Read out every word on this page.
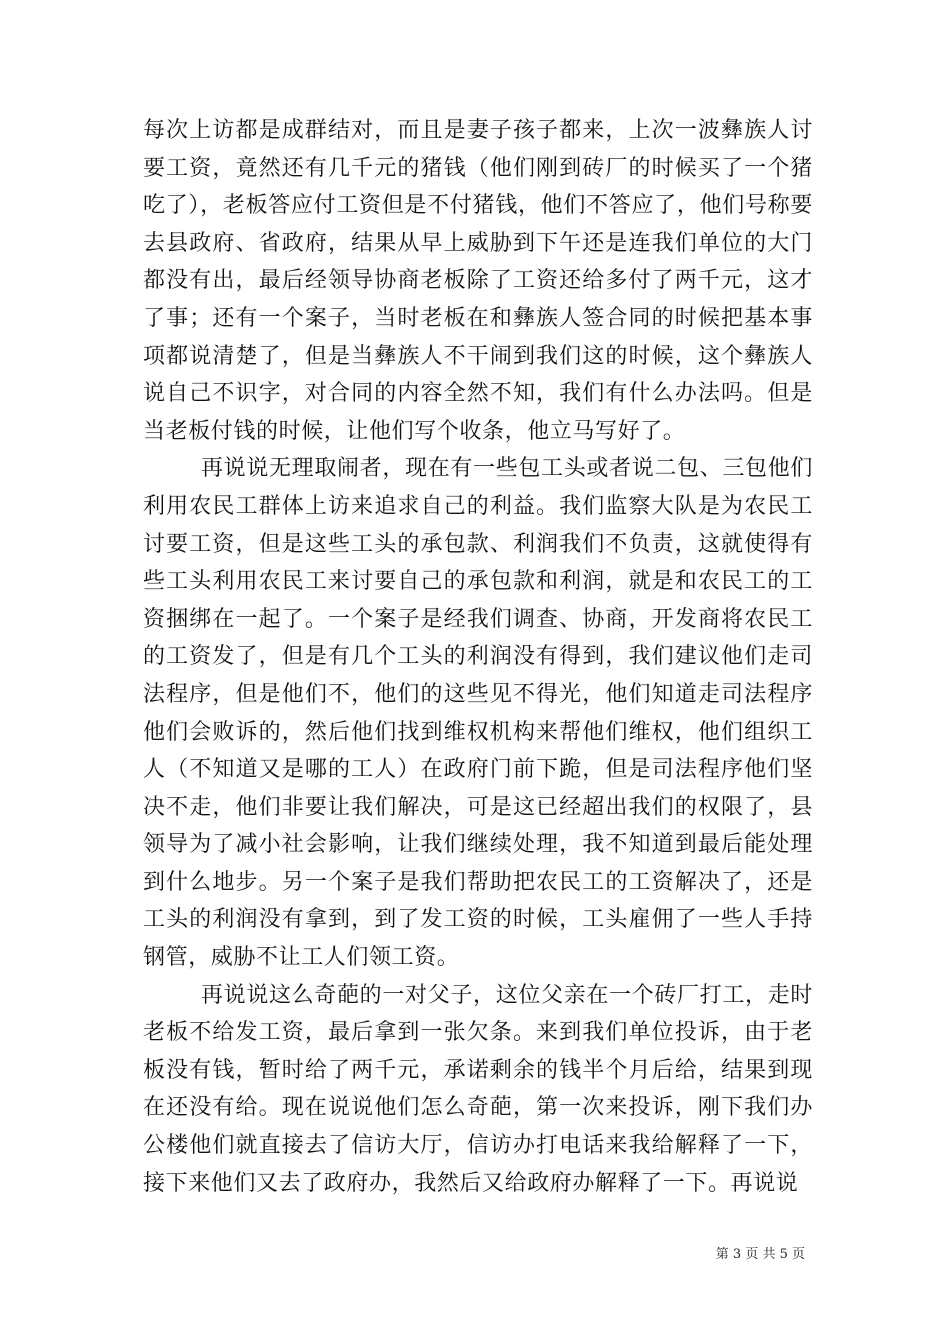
每次上访都是成群结对，而且是妻子孩子都来，上次一波彝族人讨要工资，竟然还有几千元的猪钱（他们刚到砖厂的时候买了一个猪吃了），老板答应付工资但是不付猪钱，他们不答应了，他们号称要去县政府、省政府，结果从早上威胁到下午还是连我们单位的大门都没有出，最后经领导协商老板除了工资还给多付了两千元，这才了事；还有一个案子，当时老板在和彝族人签合同的时候把基本事项都说清楚了，但是当彝族人不干闹到我们这的时候，这个彝族人说自己不识字，对合同的内容全然不知，我们有什么办法吗。但是当老板付钱的时候，让他们写个收条，他立马写好了。

再说说无理取闹者，现在有一些包工头或者说二包、三包他们利用农民工群体上访来追求自己的利益。我们监察大队是为农民工讨要工资，但是这些工头的承包款、利润我们不负责，这就使得有些工头利用农民工来讨要自己的承包款和利润，就是和农民工的工资捆绑在一起了。一个案子是经我们调查、协商，开发商将农民工的工资发了，但是有几个工头的利润没有得到，我们建议他们走司法程序，但是他们不，他们的这些见不得光，他们知道走司法程序他们会败诉的，然后他们找到维权机构来帮他们维权，他们组织工人（不知道又是哪的工人）在政府门前下跪，但是司法程序他们坚决不走，他们非要让我们解决，可是这已经超出我们的权限了，县领导为了减小社会影响，让我们继续处理，我不知道到最后能处理到什么地步。另一个案子是我们帮助把农民工的工资解决了，还是工头的利润没有拿到，到了发工资的时候，工头雇佣了一些人手持钢管，威胁不让工人们领工资。

再说说这么奇葩的一对父子，这位父亲在一个砖厂打工，走时老板不给发工资，最后拿到一张欠条。来到我们单位投诉，由于老板没有钱，暂时给了两千元，承诺剩余的钱半个月后给，结果到现在还没有给。现在说说他们怎么奇葩，第一次来投诉，刚下我们办公楼他们就直接去了信访大厅，信访办打电话来我给解释了一下，接下来他们又去了政府办，我然后又给政府办解释了一下。再说说

第 3 页 共 5 页
